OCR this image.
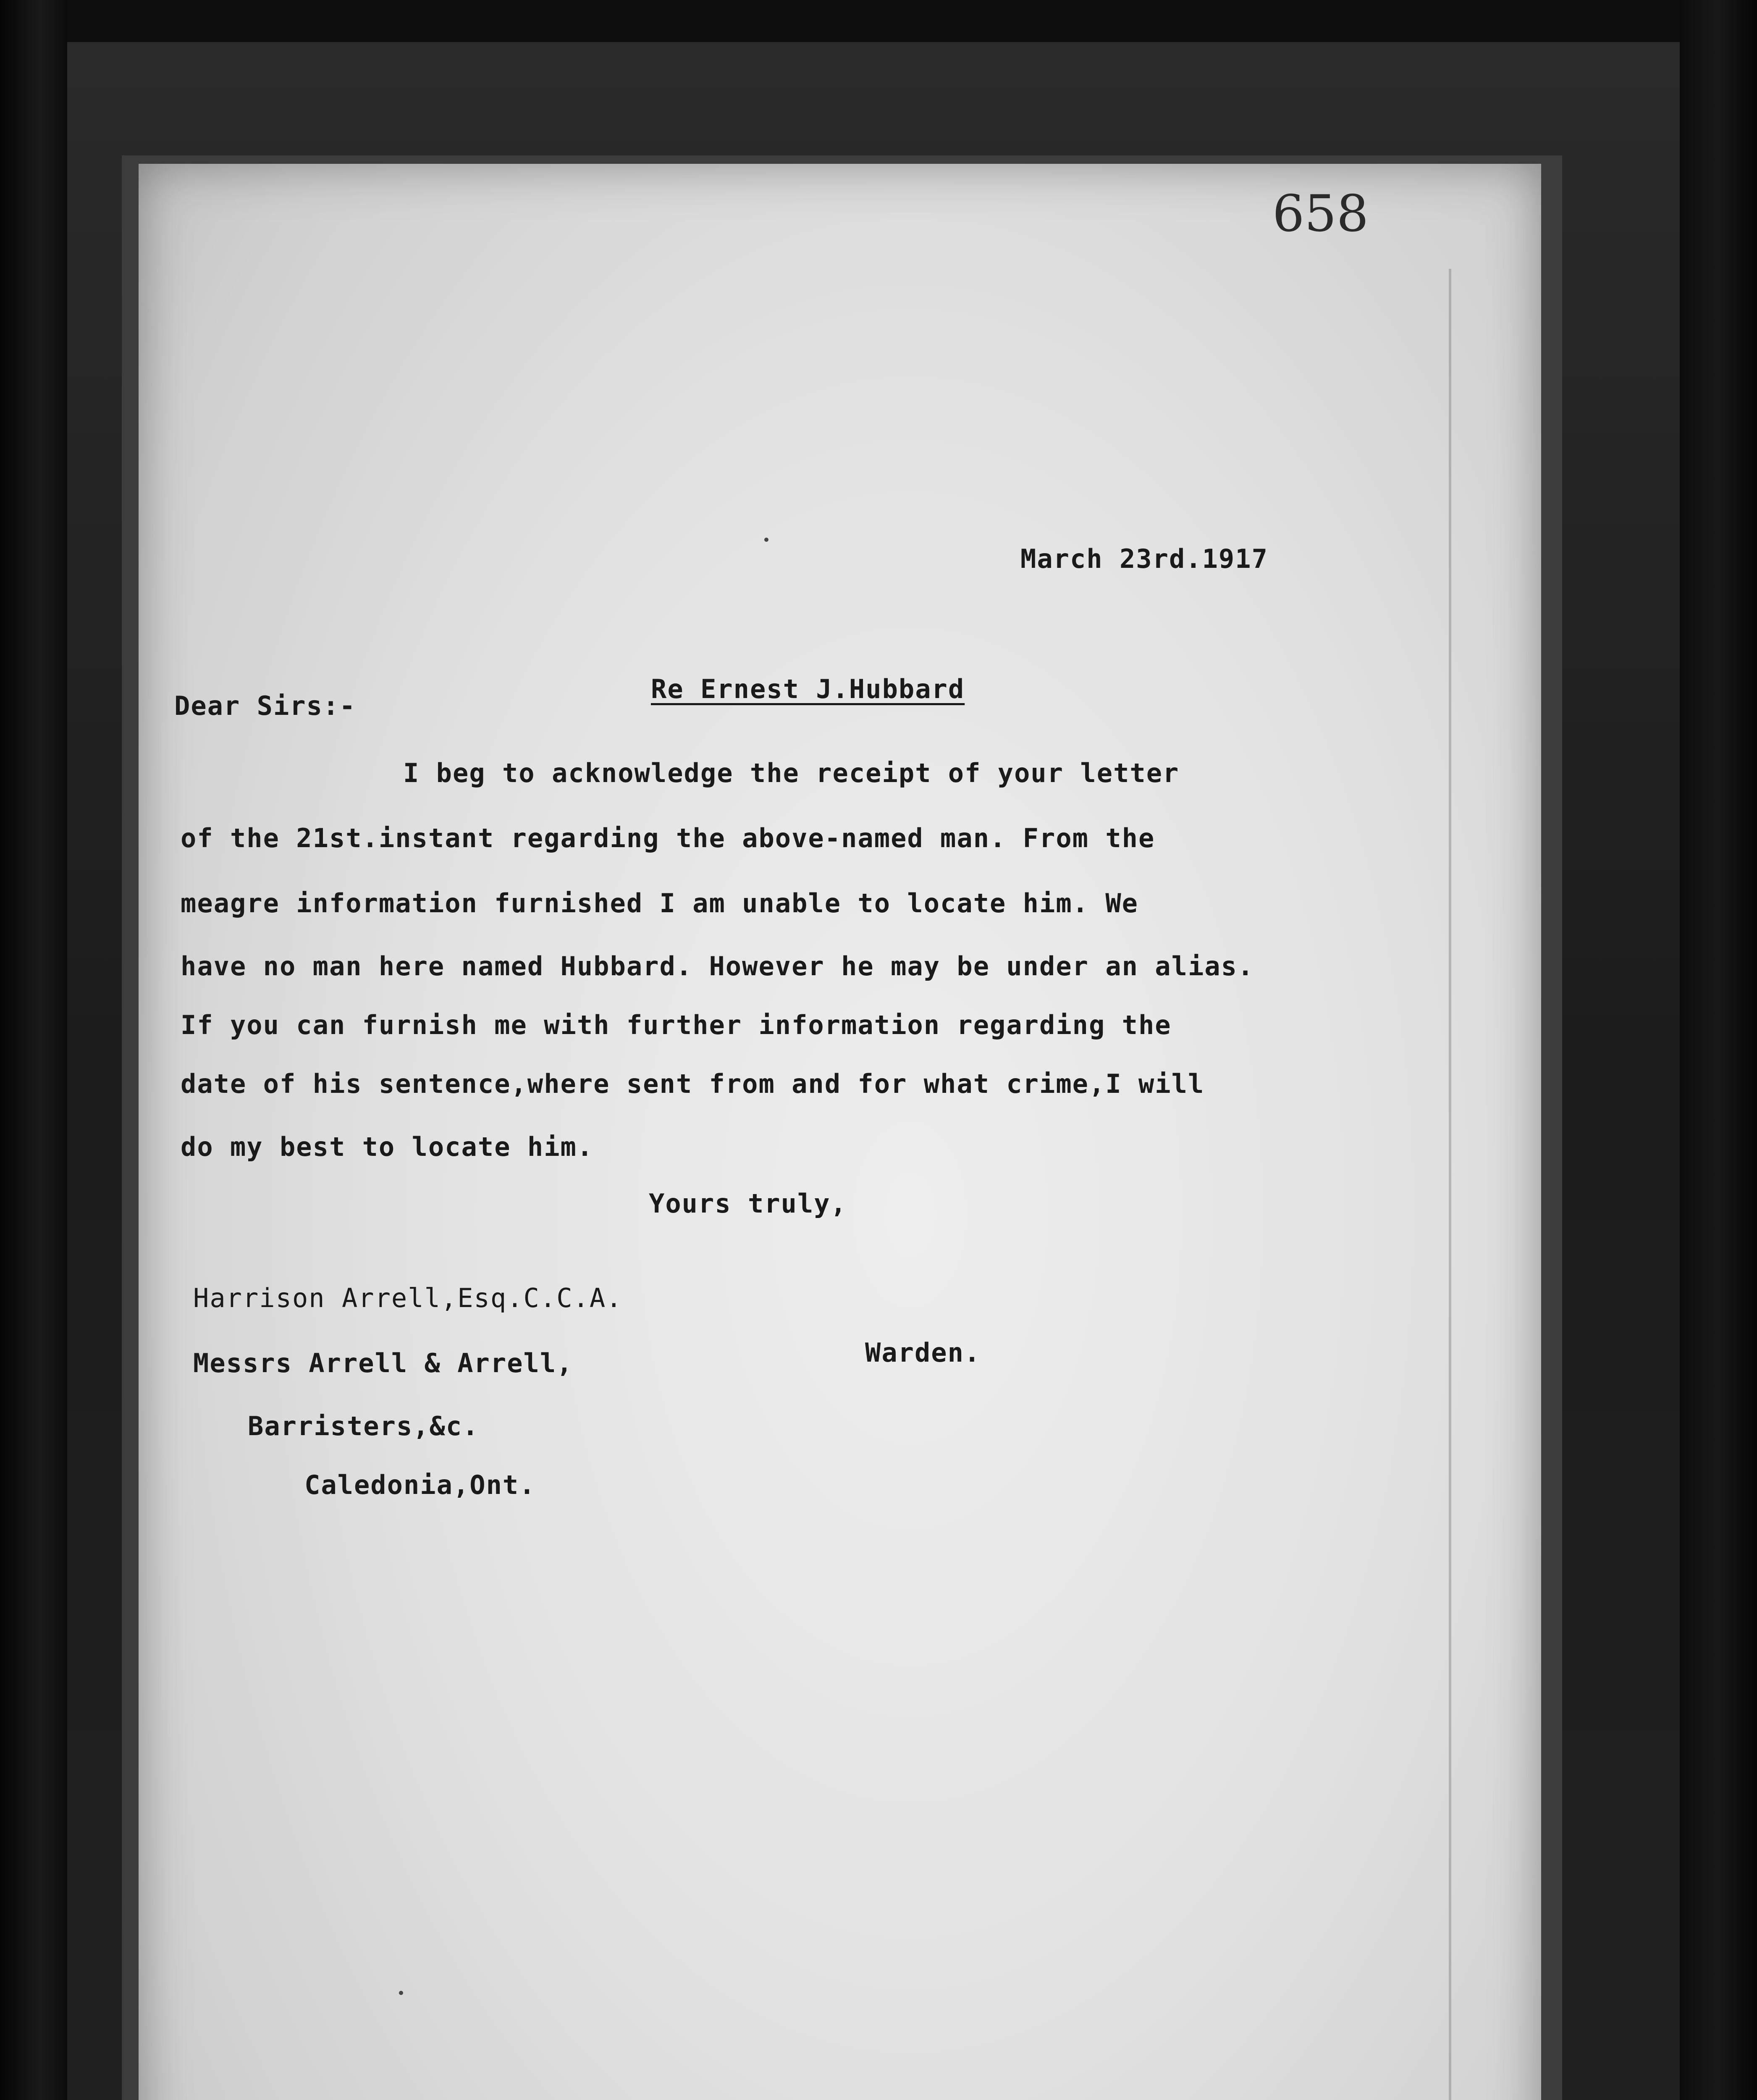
658
March 23rd.1917
Dear Sirs:-
Re Ernest J.Hubbard
I beg to acknowledge the receipt of your letter
of the 21st.instant regarding the above-named man. From the
meagre information furnished I am unable to locate him. We
have no man here named Hubbard. However he may be under an alias.
If you can furnish me with further information regarding the
date of his sentence,where sent from and for what crime,I will
do my best to locate him.
Yours truly,
Harrison Arrell,Esq.C.C.A.
Messrs Arrell & Arrell,
Barristers,&c.
Caledonia,Ont.
Warden.
